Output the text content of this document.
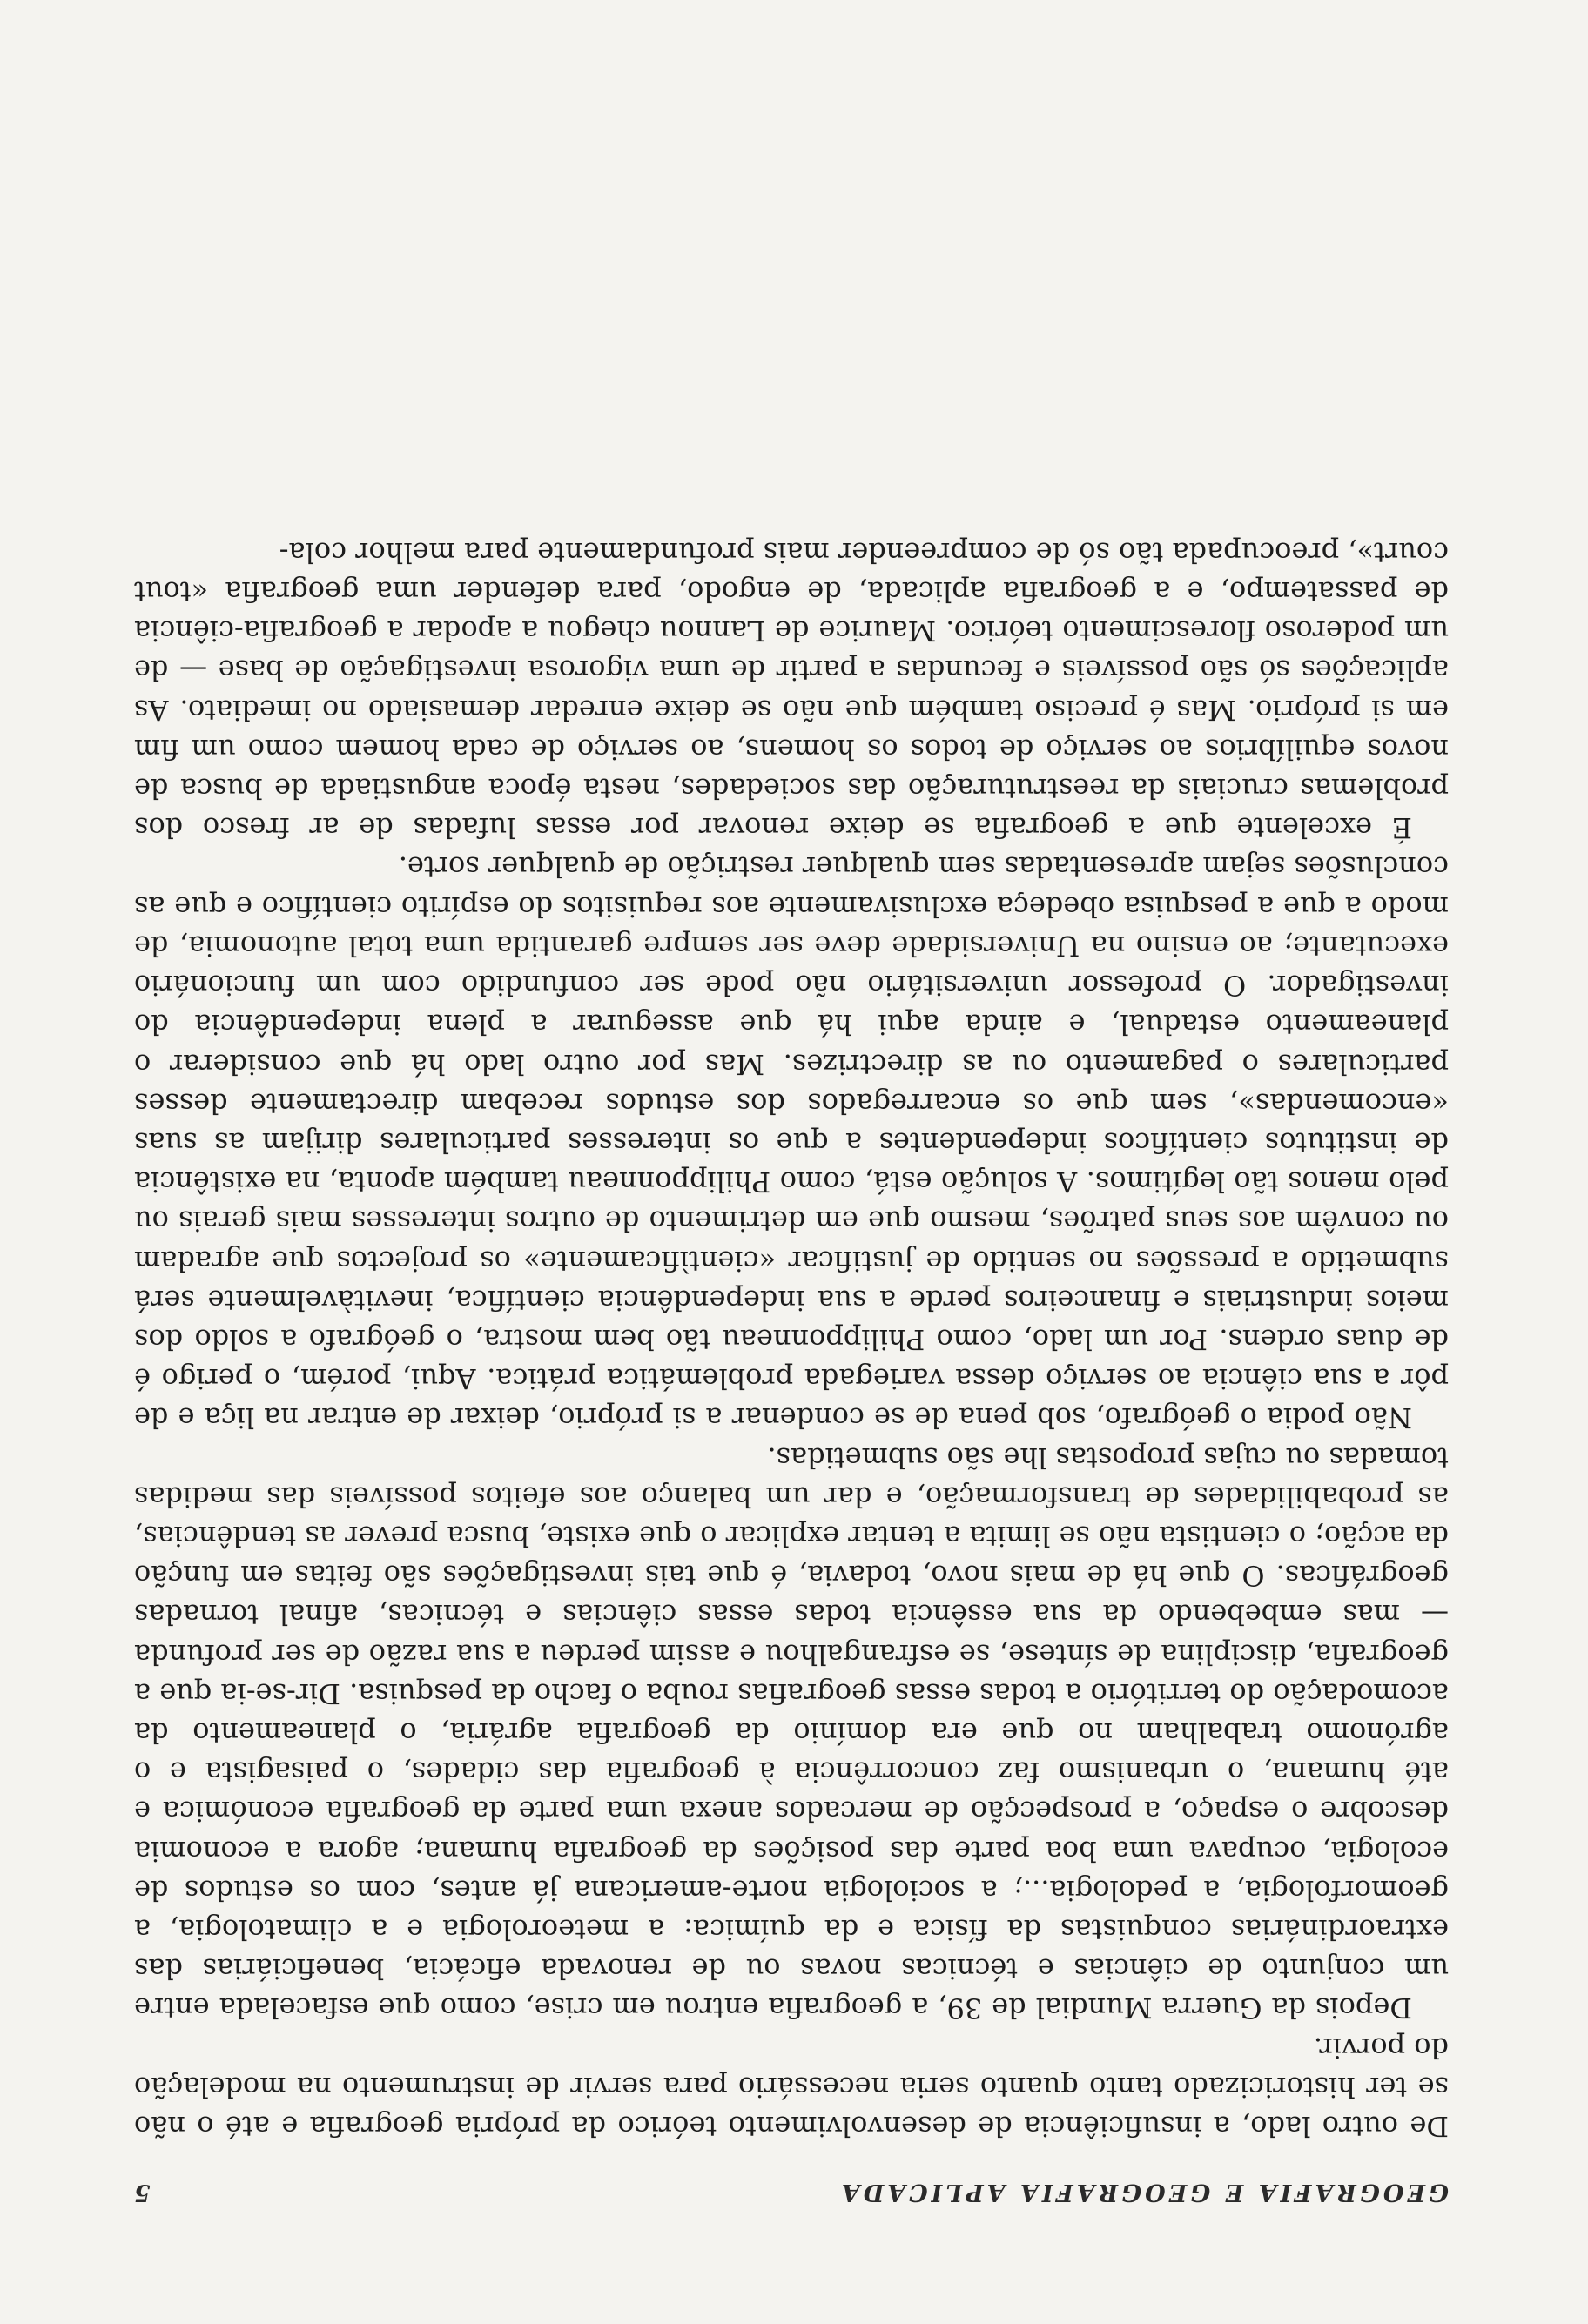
GEOGRAFIA E GEOGRAFIA APLICADA
5

De outro lado, a insuficiência de desenvolvimento teórico da própria geografia e até o não se ter historicizado tanto quanto seria necessário para servir de instrumento na modelação do porvir.

Depois da Guerra Mundial de 39, a geografia entrou em crise, como que esfacelada entre um conjunto de ciências e técnicas novas ou de renovada eficácia, beneficiárias das extraordinárias conquistas da física e da química: a meteorologia e a climatologia, a geomorfologia, a pedologia...; a sociologia norte-americana já antes, com os estudos de ecologia, ocupava uma boa parte das posições da geografia humana; agora a economia descobre o espaço, a prospecção de mercados anexa uma parte da geografia económica e até humana, o urbanismo faz concorrência à geografia das cidades, o paisagista e o agrónomo trabalham no que era domínio da geografia agrária, o planeamento da acomodação do território a todas essas geografias rouba o facho da pesquisa. Dir-se-ia que a geografia, disciplina de síntese, se esfrangalhou e assim perdeu a sua razão de ser profunda — mas embebendo da sua essência todas essas ciências e técnicas, afinal tornadas geográficas. O que há de mais novo, todavia, é que tais investigações são feitas em função da acção; o cientista não se limita a tentar explicar o que existe, busca prever as tendências, as probabilidades de transformação, e dar um balanço aos efeitos possíveis das medidas tomadas ou cujas propostas lhe são submetidas.

Não podia o geógrafo, sob pena de se condenar a si próprio, deixar de entrar na liça e de pôr a sua ciência ao serviço dessa variegada problemática prática. Aqui, porém, o perigo é de duas ordens. Por um lado, como Philipponneau tão bem mostra, o geógrafo a soldo dos meios industriais e financeiros perde a sua independência científica, inevitàvelmente será submetido a pressões no sentido de justificar «cientìficamente» os projectos que agradam ou convêm aos seus patrões, mesmo que em detrimento de outros interesses mais gerais ou pelo menos tão legítimos. A solução está, como Philipponneau também aponta, na existência de institutos científicos independentes a que os interesses particulares dirijam as suas «encomendas», sem que os encarregados dos estudos recebam directamente desses particulares o pagamento ou as directrizes. Mas por outro lado há que considerar o planeamento estadual, e ainda aqui há que assegurar a plena independência do investigador. O professor universitário não pode ser confundido com um funcionário executante; ao ensino na Universidade deve ser sempre garantida uma total autonomia, de modo a que a pesquisa obedeça exclusivamente aos requisitos do espírito científico e que as conclusões sejam apresentadas sem qualquer restrição de qualquer sorte.

É excelente que a geografia se deixe renovar por essas lufadas de ar fresco dos problemas cruciais da reestruturação das sociedades, nesta época angustiada de busca de novos equilíbrios ao serviço de todos os homens, ao serviço de cada homem como um fim em si próprio. Mas é preciso também que não se deixe enredar demasiado no imediato. As aplicações só são possíveis e fecundas a partir de uma vigorosa investigação de base — de um poderoso florescimento teórico. Maurice de Lannou chegou a apodar a geografia-ciência de passatempo, e a geografia aplicada, de engodo, para defender uma geografia «tout court», preocupada tão só de compreender mais profundamente para melhor cola-
